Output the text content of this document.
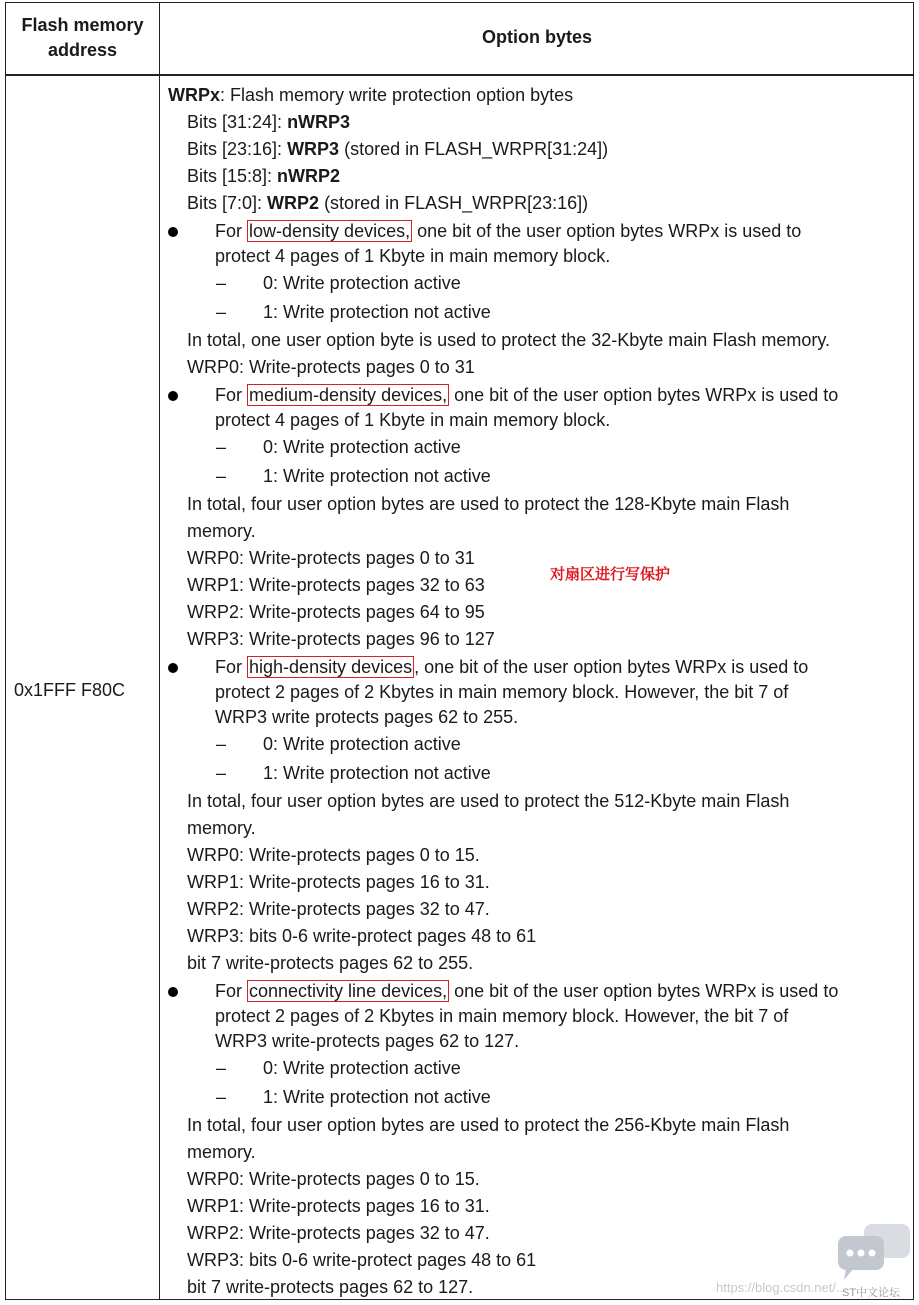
Flash memory address
Option bytes
0x1FFF F80C
WRPx: Flash memory write protection option bytes
Bits [31:24]: nWRP3
Bits [23:16]: WRP3 (stored in FLASH_WRPR[31:24])
Bits [15:8]: nWRP2
Bits [7:0]: WRP2 (stored in FLASH_WRPR[23:16])
For low-density devices, one bit of the user option bytes WRPx is used to
protect 4 pages of 1 Kbyte in main memory block.
– 0: Write protection active
– 1: Write protection not active
In total, one user option byte is used to protect the 32-Kbyte main Flash memory.
WRP0: Write-protects pages 0 to 31
For medium-density devices, one bit of the user option bytes WRPx is used to
protect 4 pages of 1 Kbyte in main memory block.
– 0: Write protection active
– 1: Write protection not active
In total, four user option bytes are used to protect the 128-Kbyte main Flash
memory.
WRP0: Write-protects pages 0 to 31
WRP1: Write-protects pages 32 to 63
WRP2: Write-protects pages 64 to 95
WRP3: Write-protects pages 96 to 127
For high-density devices , one bit of the user option bytes WRPx is used to
protect 2 pages of 2 Kbytes in main memory block. However, the bit 7 of
WRP3 write protects pages 62 to 255.
– 0: Write protection active
– 1: Write protection not active
In total, four user option bytes are used to protect the 512-Kbyte main Flash
memory.
WRP0: Write-protects pages 0 to 15.
WRP1: Write-protects pages 16 to 31.
WRP2: Write-protects pages 32 to 47.
WRP3: bits 0-6 write-protect pages 48 to 61
bit 7 write-protects pages 62 to 255.
For connectivity line devices, one bit of the user option bytes WRPx is used to
protect 2 pages of 2 Kbytes in main memory block. However, the bit 7 of
WRP3 write-protects pages 62 to 127.
– 0: Write protection active
– 1: Write protection not active
In total, four user option bytes are used to protect the 256-Kbyte main Flash
memory.
WRP0: Write-protects pages 0 to 15.
WRP1: Write-protects pages 16 to 31.
WRP2: Write-protects pages 32 to 47.
WRP3: bits 0-6 write-protect pages 48 to 61
bit 7 write-protects pages 62 to 127.
对扇区进行写保护
https://blog.csdn.net/...
ST中文论坛
